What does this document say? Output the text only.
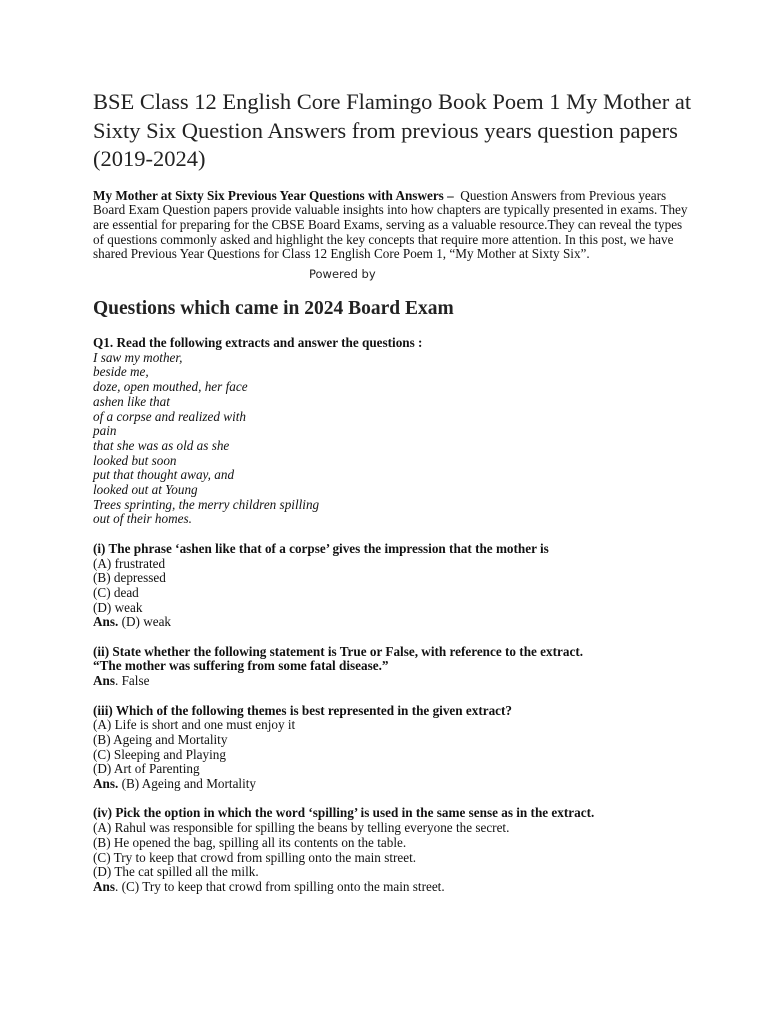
BSE Class 12 English Core Flamingo Book Poem 1 My Mother at Sixty Six Question Answers from previous years question papers (2019-2024)

My Mother at Sixty Six Previous Year Questions with Answers – Question Answers from Previous years Board Exam Question papers provide valuable insights into how chapters are typically presented in exams. They are essential for preparing for the CBSE Board Exams, serving as a valuable resource.They can reveal the types of questions commonly asked and highlight the key concepts that require more attention. In this post, we have shared Previous Year Questions for Class 12 English Core Poem 1, “My Mother at Sixty Six”.

Powered by
Questions which came in 2024 Board Exam
Q1. Read the following extracts and answer the questions :
I saw my mother,
beside me,
doze, open mouthed, her face
ashen like that
of a corpse and realized with
pain
that she was as old as she
looked but soon
put that thought away, and
looked out at Young
Trees sprinting, the merry children spilling
out of their homes.
(i) The phrase ‘ashen like that of a corpse’ gives the impression that the mother is
(A) frustrated
(B) depressed
(C) dead
(D) weak
Ans. (D) weak
(ii) State whether the following statement is True or False, with reference to the extract.
“The mother was suffering from some fatal disease.”
Ans. False
(iii) Which of the following themes is best represented in the given extract?
(A) Life is short and one must enjoy it
(B) Ageing and Mortality
(C) Sleeping and Playing
(D) Art of Parenting
Ans. (B) Ageing and Mortality
(iv) Pick the option in which the word ‘spilling’ is used in the same sense as in the extract.
(A) Rahul was responsible for spilling the beans by telling everyone the secret.
(B) He opened the bag, spilling all its contents on the table.
(C) Try to keep that crowd from spilling onto the main street.
(D) The cat spilled all the milk.
Ans. (C) Try to keep that crowd from spilling onto the main street.
